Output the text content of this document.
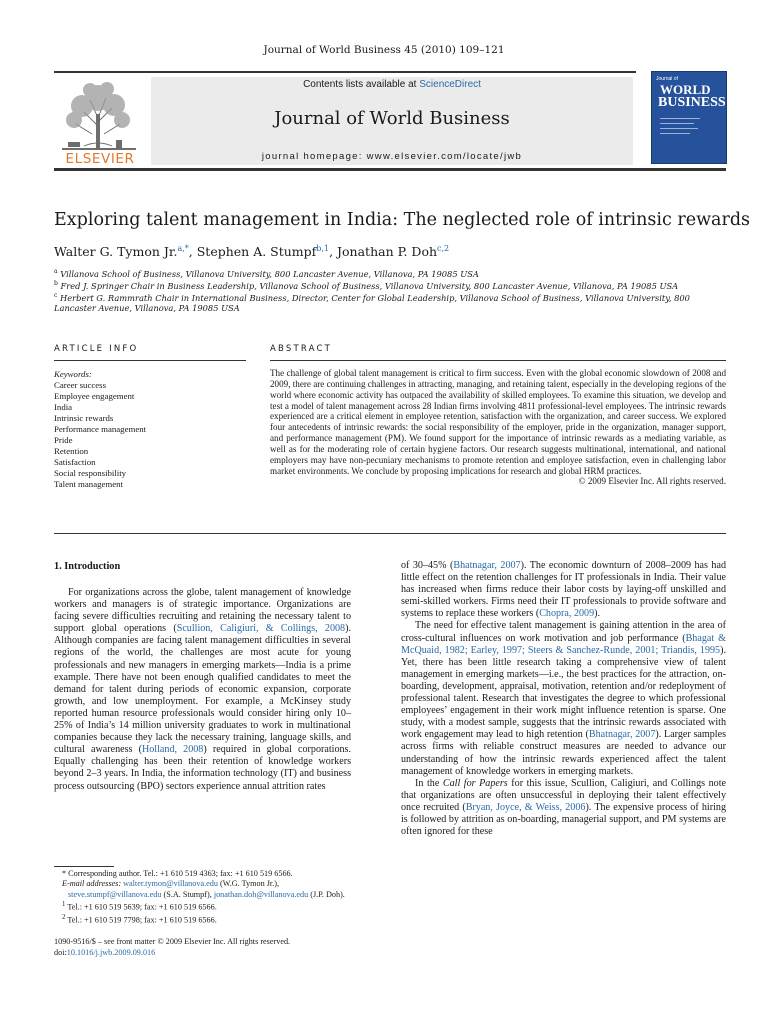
Journal of World Business 45 (2010) 109–121
ELSEVIER
Contents lists available at ScienceDirect
Journal of World Business
journal homepage: www.elsevier.com/locate/jwb
Journal of
WORLD
BUSINESS
Exploring talent management in India: The neglected role of intrinsic rewards
Walter G. Tymon Jr.$^{a,*}$, Stephen A. Stumpf$^{b,1}$, Jonathan P. Doh$^{c,2}$
$^a$ Villanova School of Business, Villanova University, 800 Lancaster Avenue, Villanova, PA 19085 USA
$^b$ Fred J. Springer Chair in Business Leadership, Villanova School of Business, Villanova University, 800 Lancaster Avenue, Villanova, PA 19085 USA
$^c$ Herbert G. Rammrath Chair in International Business, Director, Center for Global Leadership, Villanova School of Business, Villanova University, 800 Lancaster Avenue, Villanova, PA 19085 USA
ARTICLE INFO
Keywords:
Career success
Employee engagement
India
Intrinsic rewards
Performance management
Pride
Retention
Satisfaction
Social responsibility
Talent management
ABSTRACT
The challenge of global talent management is critical to firm success. Even with the global economic slowdown of 2008 and 2009, there are continuing challenges in attracting, managing, and retaining talent, especially in the developing regions of the world where economic activity has outpaced the availability of skilled employees. To examine this situation, we develop and test a model of talent management across 28 Indian firms involving 4811 professional-level employees. The intrinsic rewards experienced are a critical element in employee retention, satisfaction with the organization, and career success. We explored four antecedents of intrinsic rewards: the social responsibility of the employer, pride in the organization, manager support, and performance management (PM). We found support for the importance of intrinsic rewards as a mediating variable, as well as for the moderating role of certain hygiene factors. Our research suggests multinational, international, and national employers may have non-pecuniary mechanisms to promote retention and employee satisfaction, even in challenging labor market environments. We conclude by proposing implications for research and global HRM practices.
© 2009 Elsevier Inc. All rights reserved.
1. Introduction

For organizations across the globe, talent management of knowledge workers and managers is of strategic importance. Organizations are facing severe difficulties recruiting and retaining the necessary talent to support global operations (Scullion, Caligiuri, & Collings, 2008). Although companies are facing talent management difficulties in several regions of the world, the challenges are most acute for young professionals and new managers in emerging markets—India is a prime example. There have not been enough qualified candidates to meet the demand for talent during periods of economic expansion, corporate growth, and low unemployment. For example, a McKinsey study reported human resource professionals would consider hiring only 10–25% of India’s 14 million university graduates to work in multinational companies because they lack the necessary training, language skills, and cultural awareness (Holland, 2008) required in global corporations. Equally challenging has been their retention of knowledge workers beyond 2–3 years. In India, the information technology (IT) and business process outsourcing (BPO) sectors experience annual attrition rates

of 30–45% (Bhatnagar, 2007). The economic downturn of 2008–2009 has had little effect on the retention challenges for IT professionals in India. Their value has increased when firms reduce their labor costs by laying-off unskilled and semi-skilled workers. Firms need their IT professionals to provide software and systems to replace these workers (Chopra, 2009).

The need for effective talent management is gaining attention in the area of cross-cultural influences on work motivation and job performance (Bhagat & McQuaid, 1982; Earley, 1997; Steers & Sanchez-Runde, 2001; Triandis, 1995). Yet, there has been little research taking a comprehensive view of talent management in emerging markets—i.e., the best practices for the attraction, on-boarding, development, appraisal, motivation, retention and/or redeployment of professional talent. Research that investigates the degree to which professional employees’ engagement in their work might influence retention is sparse. One study, with a modest sample, suggests that the intrinsic rewards associated with work engagement may lead to high retention (Bhatnagar, 2007). Larger samples across firms with reliable construct measures are needed to advance our understanding of how the intrinsic rewards experienced affect the talent management of knowledge workers in emerging markets.

In the Call for Papers for this issue, Scullion, Caligiuri, and Collings note that organizations are often unsuccessful in deploying their talent effectively once recruited (Bryan, Joyce, & Weiss, 2006). The expensive process of hiring is followed by attrition as on-boarding, managerial support, and PM systems are often ignored for these

* Corresponding author. Tel.: +1 610 519 4363; fax: +1 610 519 6566.
E-mail addresses: walter.tymon@villanova.edu (W.G. Tymon Jr.),
steve.stumpf@villanova.edu (S.A. Stumpf), jonathan.doh@villanova.edu (J.P. Doh).
$^1$ Tel.: +1 610 519 5639; fax: +1 610 519 6566.
$^2$ Tel.: +1 610 519 7798; fax: +1 610 519 6566.
1090-9516/$ – see front matter © 2009 Elsevier Inc. All rights reserved.
doi:10.1016/j.jwb.2009.09.016
